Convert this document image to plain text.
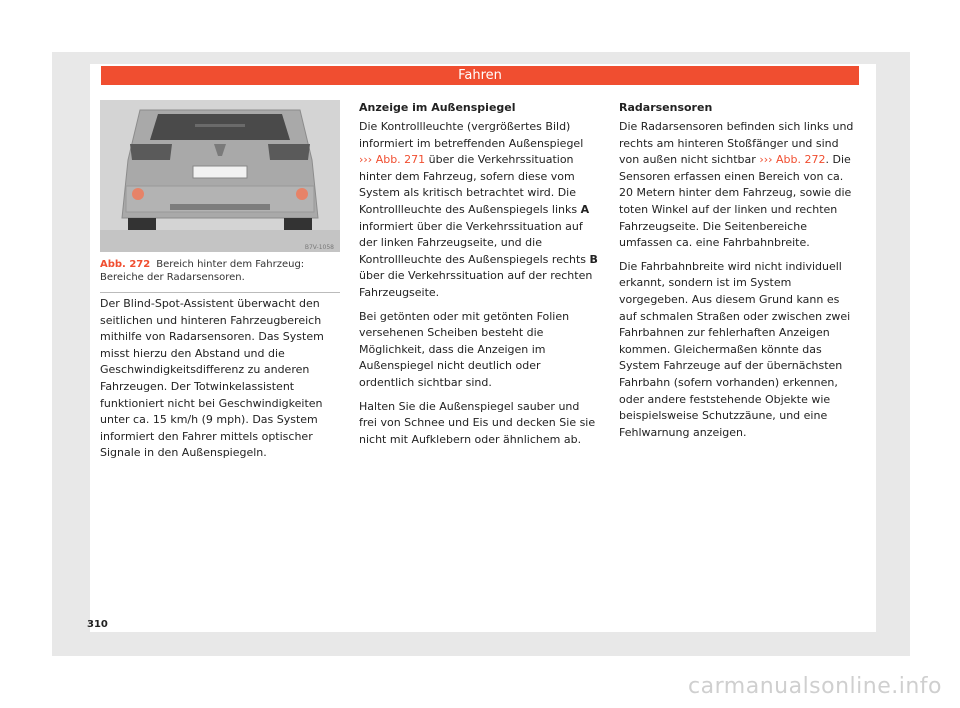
Fahren
B7V-1058
Abb. 272 Bereich hinter dem Fahrzeug: Bereiche der Radarsensoren.

Der Blind-Spot-Assistent überwacht den seitlichen und hinteren Fahrzeugbereich mithilfe von Radarsensoren. Das System misst hierzu den Abstand und die Geschwindigkeitsdifferenz zu anderen Fahrzeugen. Der Totwinkelassistent funktioniert nicht bei Geschwindigkeiten unter ca. 15 km/h (9 mph). Das System informiert den Fahrer mittels optischer Signale in den Außenspiegeln.

Anzeige im Außenspiegel

Die Kontrollleuchte (vergrößertes Bild) informiert im betreffenden Außenspiegel ››› Abb. 271 über die Verkehrssituation hinter dem Fahrzeug, sofern diese vom System als kritisch betrachtet wird. Die Kontrollleuchte des Außenspiegels links A informiert über die Verkehrssituation auf der linken Fahrzeugseite, und die Kontrollleuchte des Außenspiegels rechts B über die Verkehrssituation auf der rechten Fahrzeugseite.

Bei getönten oder mit getönten Folien versehenen Scheiben besteht die Möglichkeit, dass die Anzeigen im Außenspiegel nicht deutlich oder ordentlich sichtbar sind.

Halten Sie die Außenspiegel sauber und frei von Schnee und Eis und decken Sie sie nicht mit Aufklebern oder ähnlichem ab.

Radarsensoren

Die Radarsensoren befinden sich links und rechts am hinteren Stoßfänger und sind von außen nicht sichtbar ››› Abb. 272. Die Sensoren erfassen einen Bereich von ca. 20 Metern hinter dem Fahrzeug, sowie die toten Winkel auf der linken und rechten Fahrzeugseite. Die Seitenbereiche umfassen ca. eine Fahrbahnbreite.

Die Fahrbahnbreite wird nicht individuell erkannt, sondern ist im System vorgegeben. Aus diesem Grund kann es auf schmalen Straßen oder zwischen zwei Fahrbahnen zur fehlerhaften Anzeigen kommen. Gleichermaßen könnte das System Fahrzeuge auf der übernächsten Fahrbahn (sofern vorhanden) erkennen, oder andere feststehende Objekte wie beispielsweise Schutzzäune, und eine Fehlwarnung anzeigen.

310
carmanualsonline.info
